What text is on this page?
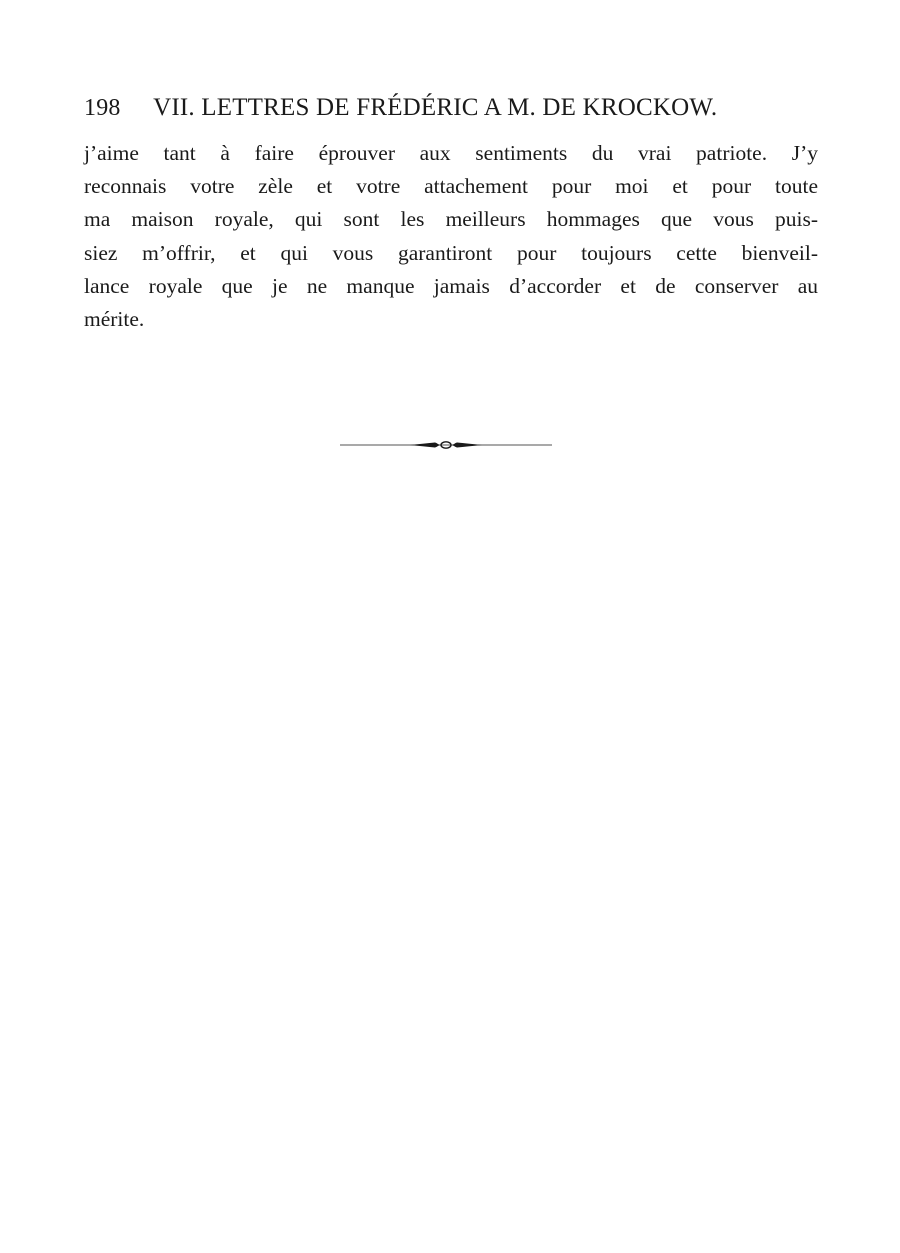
198 VII. LETTRES DE FRÉDÉRIC A M. DE KROCKOW.

j’aime tant à faire éprouver aux sentiments du vrai patriote. J’y
reconnais votre zèle et votre attachement pour moi et pour toute
ma maison royale, qui sont les meilleurs hommages que vous puis-
siez m’offrir, et qui vous garantiront pour toujours cette bienveil-
lance royale que je ne manque jamais d’accorder et de conserver au
mérite.
